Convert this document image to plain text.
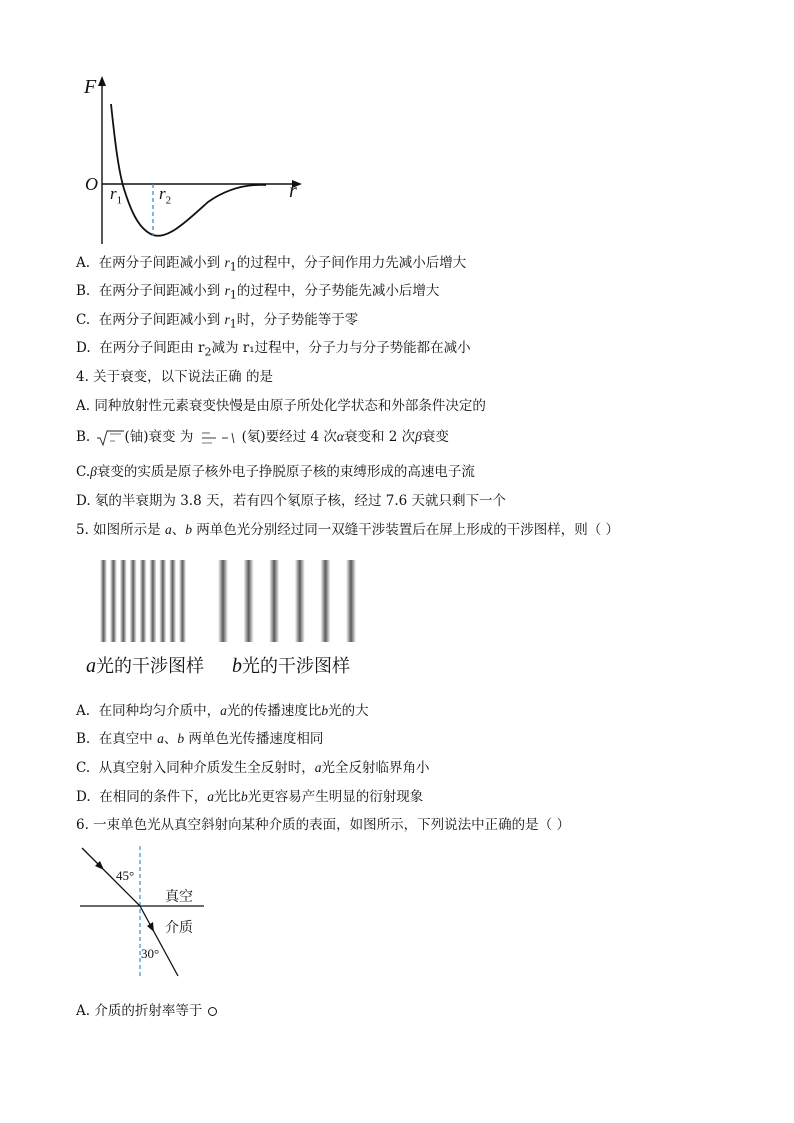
F
O	r
$r_1$ $r_2$
A. 在两分子间距减小到 $r_1$的过程中，分子间作用力先减小后增大
B. 在两分子间距减小到 $r_1$的过程中，分子势能先减小后增大
C. 在两分子间距减小到 $r_1$时，分子势能等于零
D. 在两分子间距由 $r_2$减为 r₁过程中，分子力与分子势能都在减小
4. 关于衰变，以下说法正确 的是
A. 同种放射性元素衰变快慢是由原子所处化学状态和外部条件决定的
B.	(铀)衰变 为	(氡)要经过 4 次α衰变和 2 次β衰变
C.β衰变的实质是原子核外电子挣脱原子核的束缚形成的高速电子流
D. 氡的半衰期为 3.8 天，若有四个氡原子核，经过 7.6 天就只剩下一个
5. 如图所示是 a、b 两单色光分别经过同一双缝干涉装置后在屏上形成的干涉图样，则（ ）
a光的干涉图样 b光的干涉图样
A. 在同种均匀介质中，a光的传播速度比b光的大
B. 在真空中 a、b 两单色光传播速度相同
C. 从真空射入同种介质发生全反射时，a光全反射临界角小
D. 在相同的条件下，a光比b光更容易产生明显的衍射现象
6. 一束单色光从真空斜射向某种介质的表面，如图所示，下列说法中正确的是（ ）
45°
真空
介质
30°
A. 介质的折射率等于
